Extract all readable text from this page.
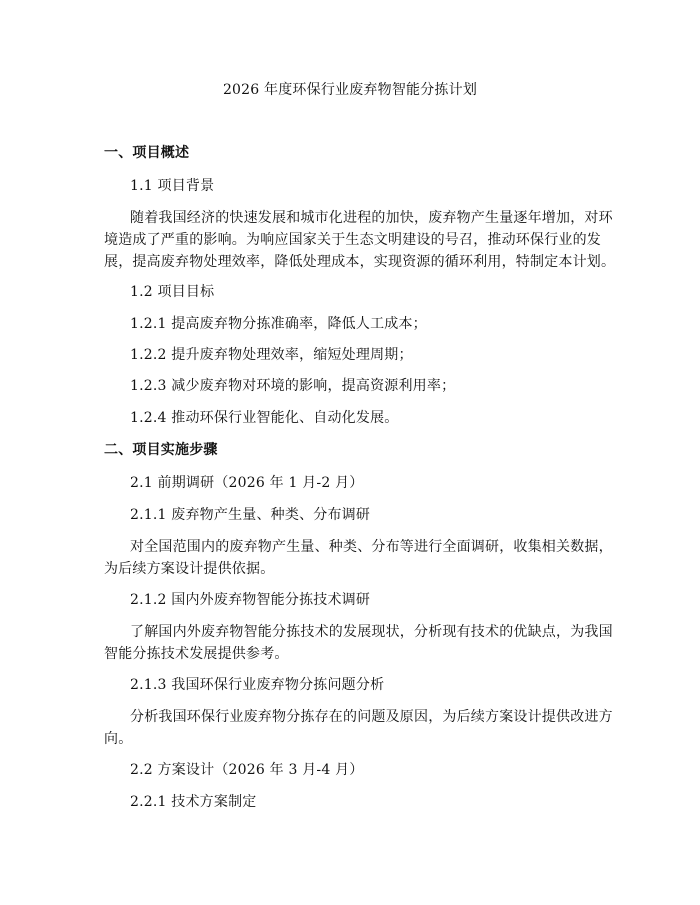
2026 年度环保行业废弃物智能分拣计划
一、项目概述
1.1 项目背景
随着我国经济的快速发展和城市化进程的加快，废弃物产生量逐年增加，对环
境造成了严重的影响。为响应国家关于生态文明建设的号召，推动环保行业的发
展，提高废弃物处理效率，降低处理成本，实现资源的循环利用，特制定本计划。
1.2 项目目标
1.2.1 提高废弃物分拣准确率，降低人工成本；
1.2.2 提升废弃物处理效率，缩短处理周期；
1.2.3 减少废弃物对环境的影响，提高资源利用率；
1.2.4 推动环保行业智能化、自动化发展。
二、项目实施步骤
2.1 前期调研（2026 年 1 月-2 月）
2.1.1 废弃物产生量、种类、分布调研
对全国范围内的废弃物产生量、种类、分布等进行全面调研，收集相关数据，
为后续方案设计提供依据。
2.1.2 国内外废弃物智能分拣技术调研
了解国内外废弃物智能分拣技术的发展现状，分析现有技术的优缺点，为我国
智能分拣技术发展提供参考。
2.1.3 我国环保行业废弃物分拣问题分析
分析我国环保行业废弃物分拣存在的问题及原因，为后续方案设计提供改进方
向。
2.2 方案设计（2026 年 3 月-4 月）
2.2.1 技术方案制定
